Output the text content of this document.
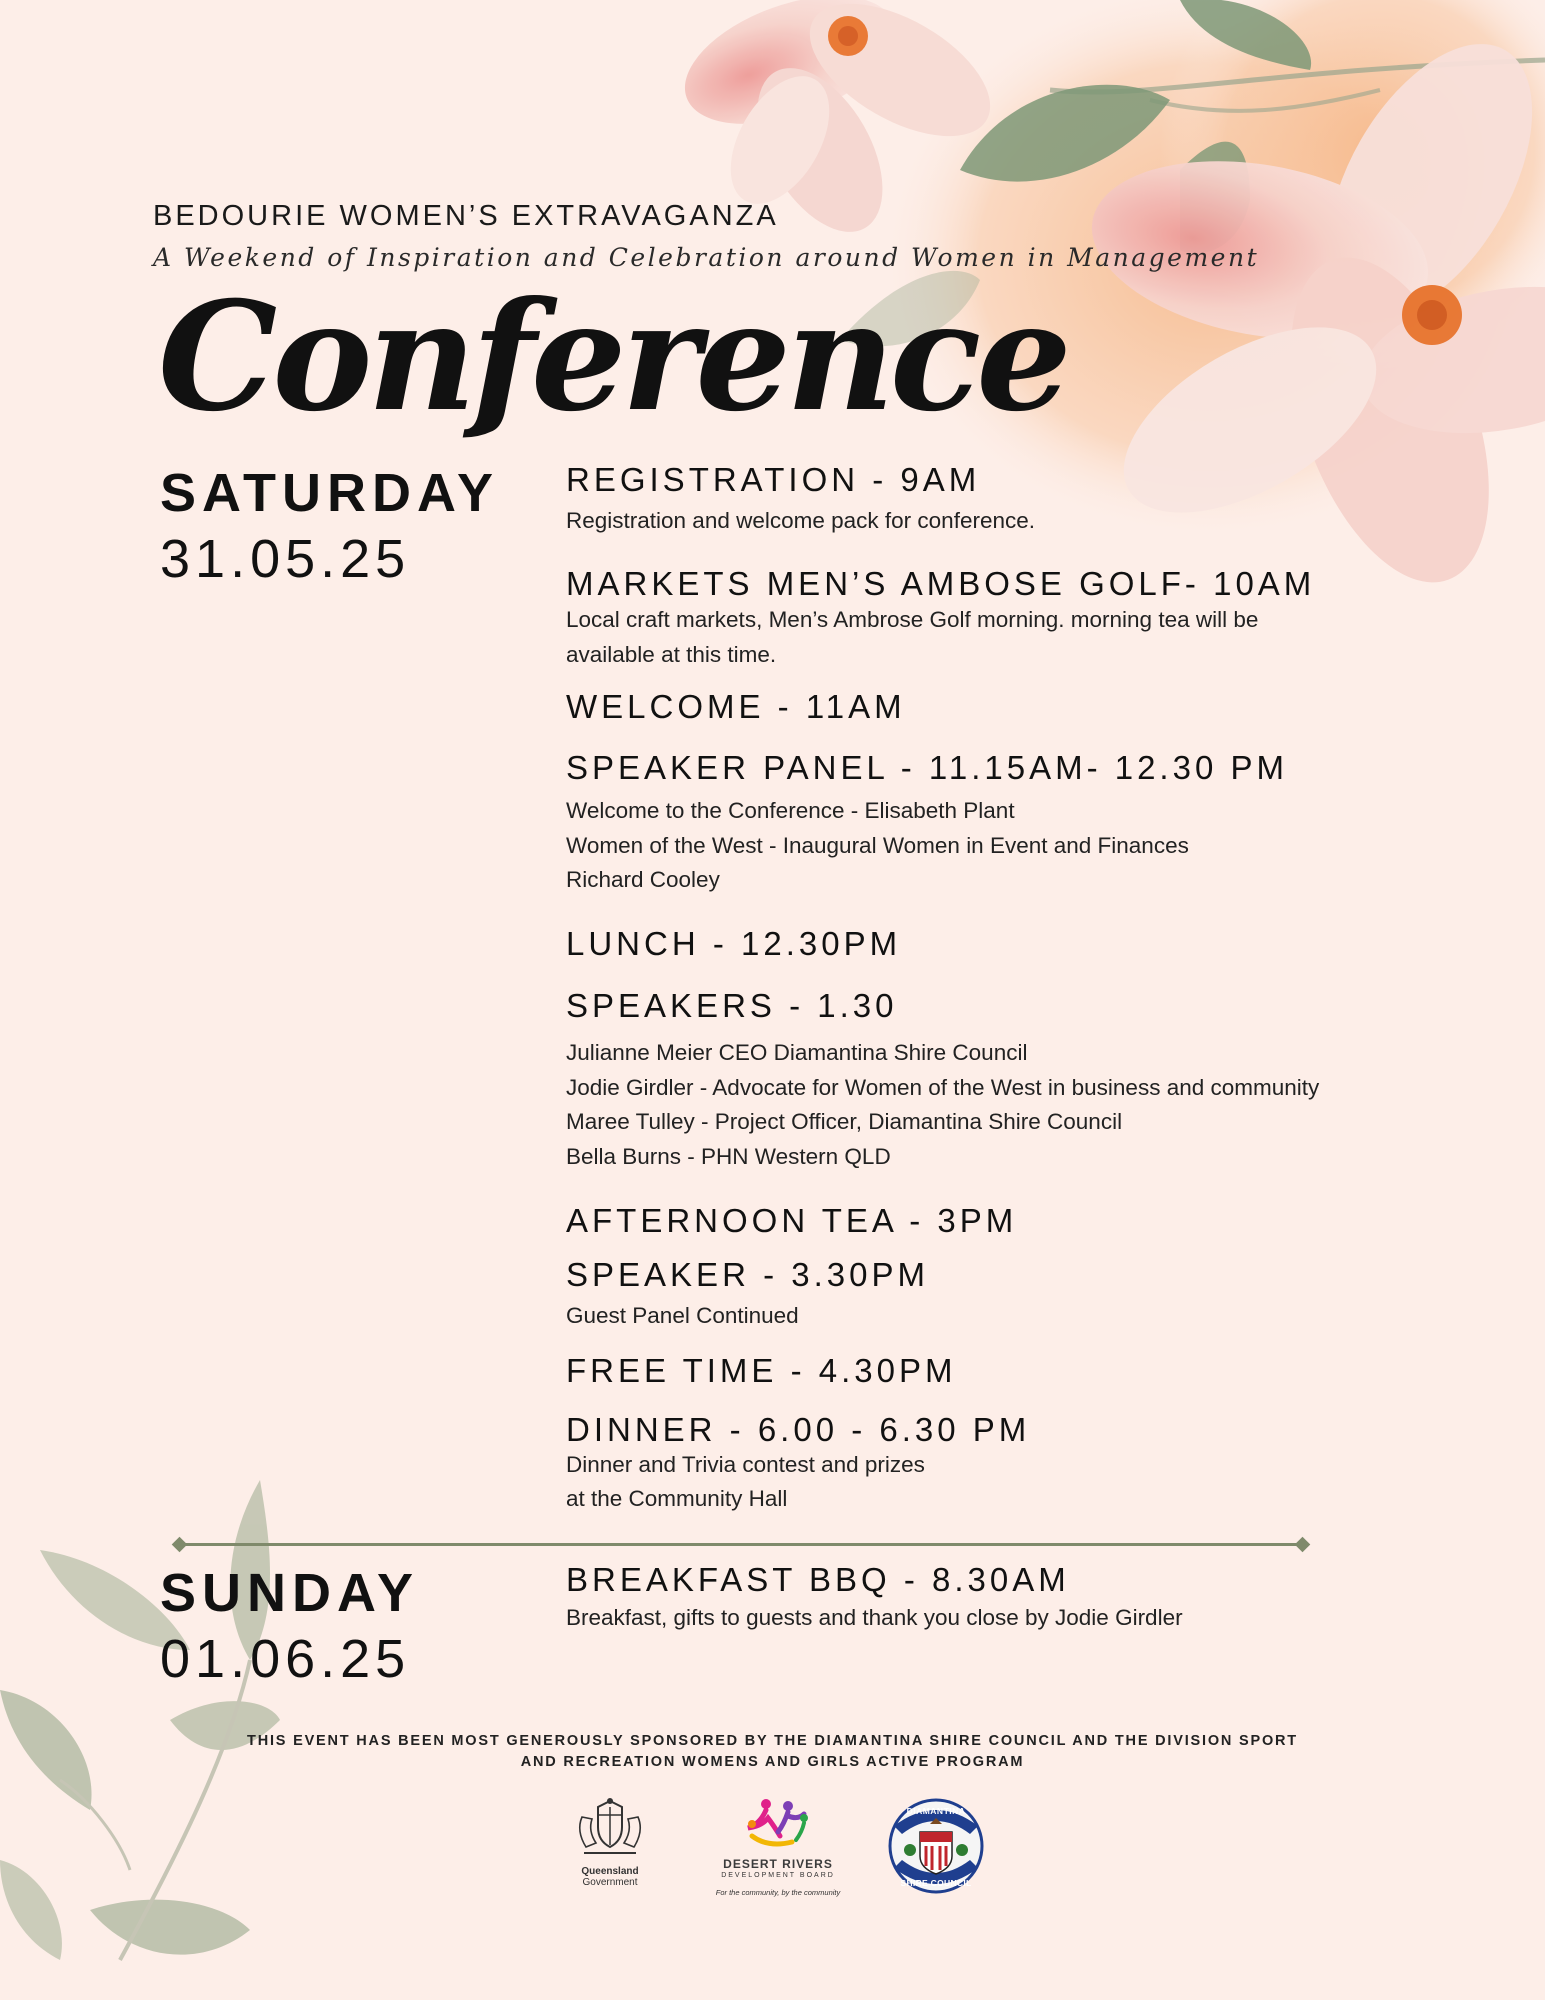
BEDOURIE WOMEN’S EXTRAVAGANZA
A Weekend of Inspiration and Celebration around Women in Management
Conference
SATURDAY
31.05.25
REGISTRATION - 9AM
Registration and welcome pack for conference.
MARKETS MEN’S AMBOSE GOLF- 10AM
Local craft markets, Men’s Ambrose Golf morning. morning tea will be
available at this time.
WELCOME - 11AM
SPEAKER PANEL - 11.15AM- 12.30 PM
Welcome to the Conference - Elisabeth Plant
Women of the West - Inaugural Women in Event and Finances
Richard Cooley
LUNCH - 12.30PM
SPEAKERS - 1.30
Julianne Meier CEO Diamantina Shire Council
Jodie Girdler - Advocate for Women of the West in business and community
Maree Tulley - Project Officer, Diamantina Shire Council
Bella Burns - PHN Western QLD
AFTERNOON TEA - 3PM
SPEAKER - 3.30PM
Guest Panel Continued
FREE TIME - 4.30PM
DINNER - 6.00 - 6.30 PM
Dinner and Trivia contest and prizes
at the Community Hall
SUNDAY
01.06.25
BREAKFAST BBQ - 8.30AM
Breakfast, gifts to guests and thank you close by Jodie Girdler
THIS EVENT HAS BEEN MOST GENEROUSLY SPONSORED BY THE DIAMANTINA SHIRE COUNCIL AND THE DIVISION SPORT
AND RECREATION WOMENS AND GIRLS ACTIVE PROGRAM
Queensland
Government
DESERT RIVERS
DEVELOPMENT BOARD
For the community, by the community
DIAMANTINA
SHIRE COUNCIL
